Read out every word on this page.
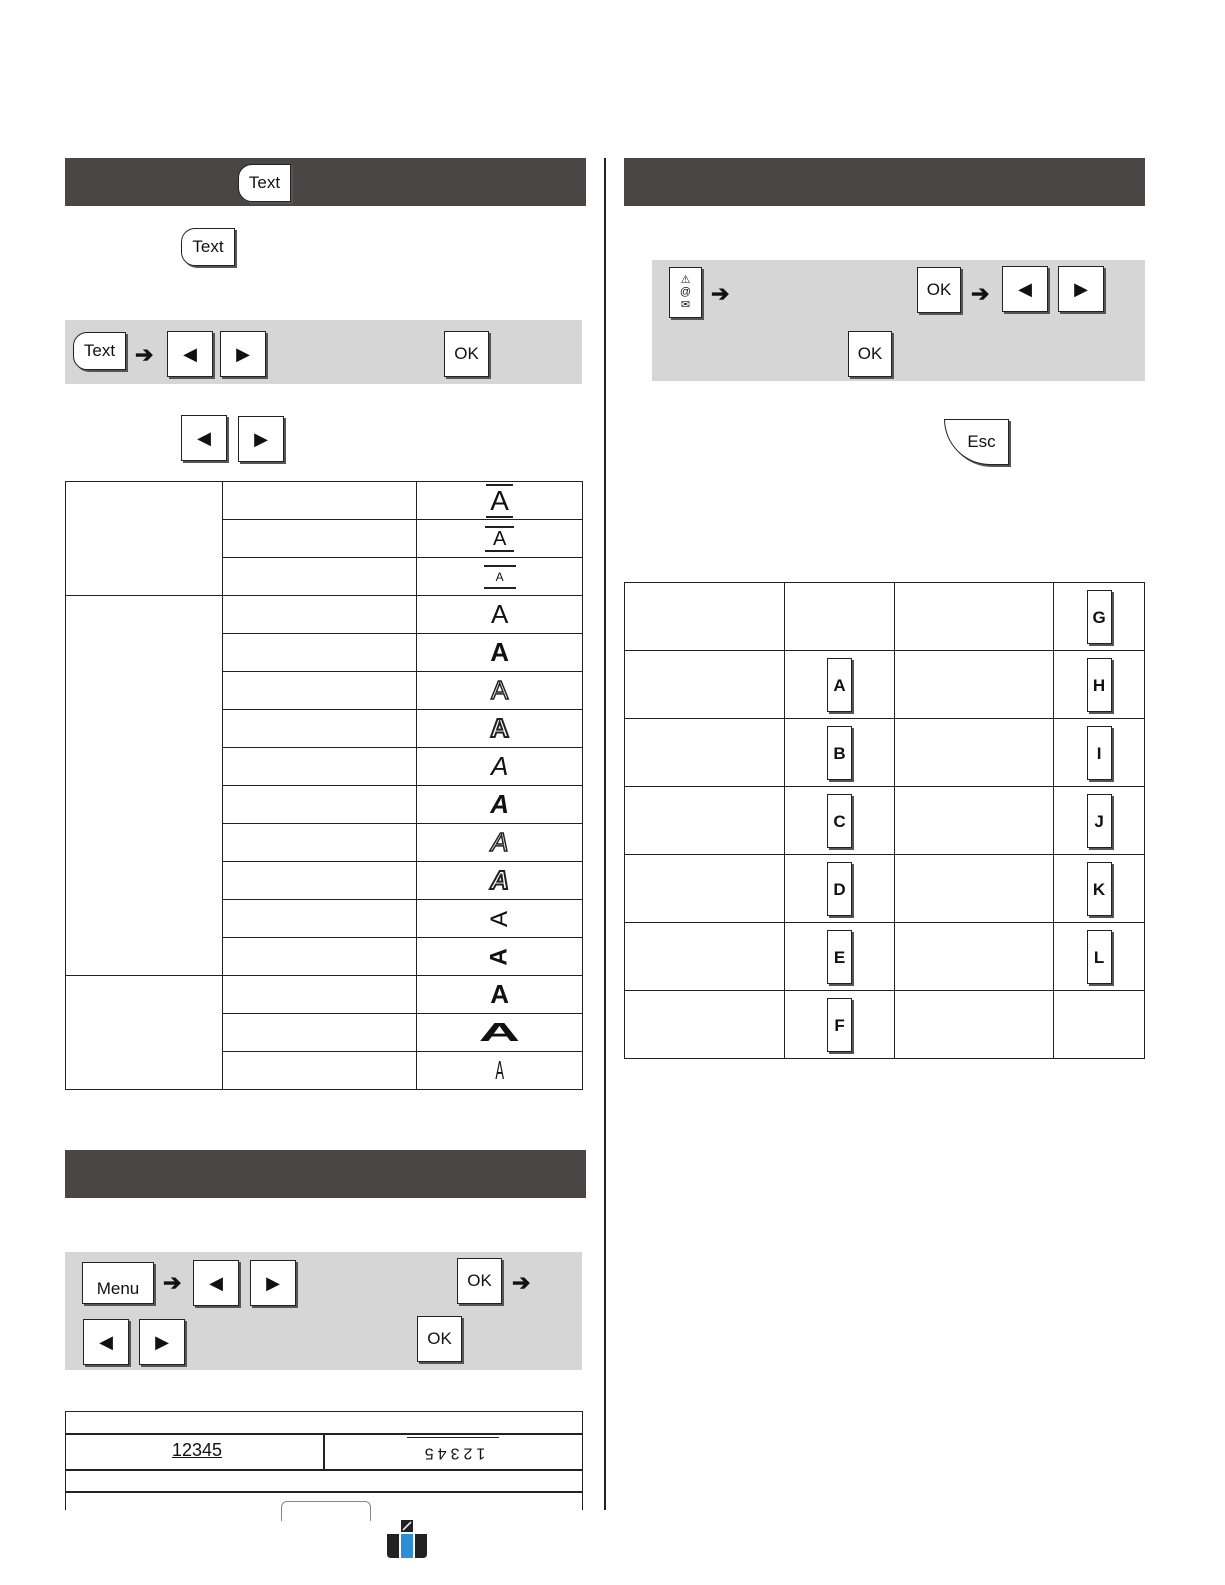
Text
Text
Text ➔	◀	▶	OK
◀	▶

		A

		A

		A

		A

		A

		A

		A

		A

		A

		A

		A

		A

		A

		A

		A

		A
Menu ➔	◀	▶	OK ➔
◀	▶	OK
12345	12345
⚠
@
✉ ➔	OK ➔	◀	▶
OK
Esc
			G
	A		H
	B		I
	C		J
	D		K
	E		L
	F		
